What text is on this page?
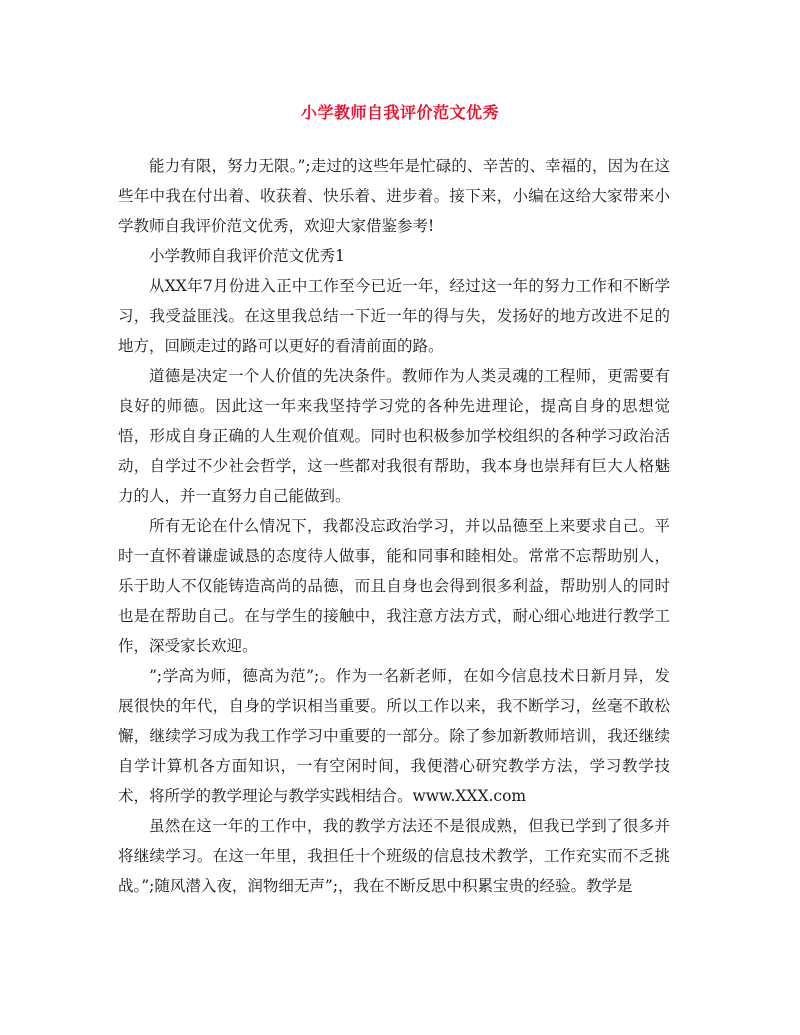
小学教师自我评价范文优秀

能力有限，努力无限。”;走过的这些年是忙碌的、辛苦的、幸福的，因为在这些年中我在付出着、收获着、快乐着、进步着。接下来，小编在这给大家带来小学教师自我评价范文优秀，欢迎大家借鉴参考!

小学教师自我评价范文优秀1

从XX年7月份进入正中工作至今已近一年，经过这一年的努力工作和不断学习，我受益匪浅。在这里我总结一下近一年的得与失，发扬好的地方改进不足的地方，回顾走过的路可以更好的看清前面的路。

道德是决定一个人价值的先决条件。教师作为人类灵魂的工程师，更需要有良好的师德。因此这一年来我坚持学习党的各种先进理论，提高自身的思想觉悟，形成自身正确的人生观价值观。同时也积极参加学校组织的各种学习政治活动，自学过不少社会哲学，这一些都对我很有帮助，我本身也崇拜有巨大人格魅力的人，并一直努力自己能做到。

所有无论在什么情况下，我都没忘政治学习，并以品德至上来要求自己。平时一直怀着谦虚诚恳的态度待人做事，能和同事和睦相处。常常不忘帮助别人，乐于助人不仅能铸造高尚的品德，而且自身也会得到很多利益，帮助别人的同时也是在帮助自己。在与学生的接触中，我注意方法方式，耐心细心地进行教学工作，深受家长欢迎。

”;学高为师，德高为范”;。作为一名新老师，在如今信息技术日新月异，发展很快的年代，自身的学识相当重要。所以工作以来，我不断学习，丝毫不敢松懈，继续学习成为我工作学习中重要的一部分。除了参加新教师培训，我还继续自学计算机各方面知识，一有空闲时间，我便潜心研究教学方法，学习教学技术，将所学的教学理论与教学实践相结合。www.XXX.com

虽然在这一年的工作中，我的教学方法还不是很成熟，但我已学到了很多并将继续学习。在这一年里，我担任十个班级的信息技术教学，工作充实而不乏挑战。”;随风潜入夜，润物细无声”;，我在不断反思中积累宝贵的经验。教学是
